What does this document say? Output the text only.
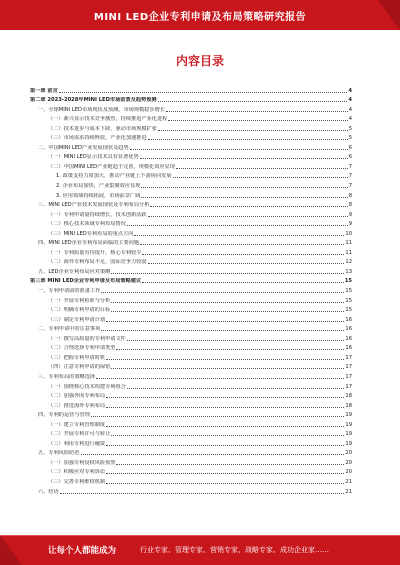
MINI LED企业专利申请及布局策略研究报告
内容目录
第一章 前言	4
第二章 2023-2028年MINI LED市场前景及趋势预测	4
一、全球MINI LED市场现状及预测，市场规模稳步增长	4
（一）新兴显示技术竞争激烈，持续推进产业化进程	4
（二）技术进步与成本下降，驱动市场规模扩张	5
（三）市场需求持续释放，产业化加速推进	5
二、中国MINI LED产业发展现状及趋势	6
（一）MINI LED显示技术具有显著优势	6
（二）中国MINI LED产业链趋于完善，规模化效应显现	7
1. 政策支持力度加大，推动产业链上下游协同发展	7
2. 企业布局加快，产业集聚效应显现	7
3. 应用领域持续拓展，市场前景广阔	8
三、MINI LED产业技术发展现状及专利布局分析	8
（一）专利申请量持续增长，技术创新活跃	9
（二）核心技术领域专利布局情况	9
（三）MINI LED专利布局的重点方向	10
四、MINI LED企业专利布局面临的主要问题	11
（一）专利质量有待提升，核心专利较少	11
（二）海外专利布局不足，国际竞争力较弱	12
五、LED企业专利布局应对策略	13
第三章 MINI LED企业专利申请及布局策略建议	15
一、专利申请前的准备工作	15
（一）开展专利检索与分析	15
（二）明确专利申请的目标	15
（三）制定专利申请计划	16
二、专利申请中的注意事项	16
（一）撰写高质量的专利申请文件	16
（二）合理选择专利申请类型	16
（三）把握专利申请时机	17
（四）注意专利申请的保密	17
三、专利布局的策略选择	17
（一）围绕核心技术构建专利组合	17
（二）加强外围专利布局	18
（三）推进海外专利布局	18
四、专利的运营与管理	19
（一）建立专利管理制度	19
（二）开展专利许可与转让	19
（三）利用专利进行融资	19
五、专利风险防范	20
（一）加强专利侵权风险预警	20
（二）积极应对专利诉讼	20
（三）完善专利维权机制	21
六、结语	21
让每个人都能成为	行业专家、管理专家、营销专家、战略专家、成功企业家……
